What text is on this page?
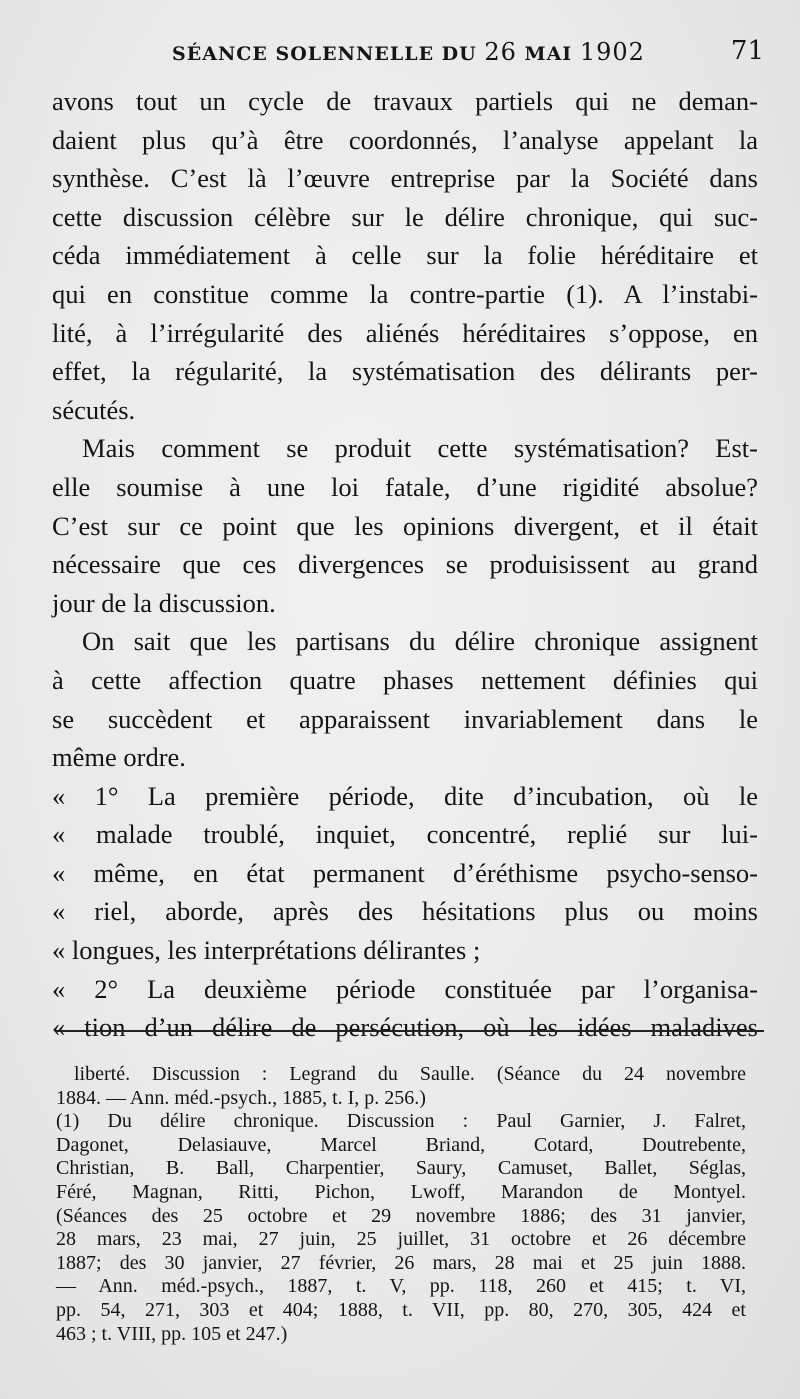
SÉANCE SOLENNELLE DU 26 MAI 1902	71
avons tout un cycle de travaux partiels qui ne deman-
daient plus qu’à être coordonnés, l’analyse appelant la
synthèse. C’est là l’œuvre entreprise par la Société dans
cette discussion célèbre sur le délire chronique, qui suc-
céda immédiatement à celle sur la folie héréditaire et
qui en constitue comme la contre-partie (1). A l’instabi-
lité, à l’irrégularité des aliénés héréditaires s’oppose, en
effet, la régularité, la systématisation des délirants per-
sécutés.
Mais comment se produit cette systématisation? Est-
elle soumise à une loi fatale, d’une rigidité absolue?
C’est sur ce point que les opinions divergent, et il était
nécessaire que ces divergences se produisissent au grand
jour de la discussion.
On sait que les partisans du délire chronique assignent
à cette affection quatre phases nettement définies qui
se succèdent et apparaissent invariablement dans le
même ordre.
« 1° La première période, dite d’incubation, où le
« malade troublé, inquiet, concentré, replié sur lui-
« même, en état permanent d’éréthisme psycho-senso-
« riel, aborde, après des hésitations plus ou moins
« longues, les interprétations délirantes ;
« 2° La deuxième période constituée par l’organisa-
« tion d’un délire de persécution, où les idées maladives
liberté. Discussion : Legrand du Saulle. (Séance du 24 novembre
1884. — Ann. méd.-psych., 1885, t. I, p. 256.)
(1) Du délire chronique. Discussion : Paul Garnier, J. Falret,
Dagonet, Delasiauve, Marcel Briand, Cotard, Doutrebente,
Christian, B. Ball, Charpentier, Saury, Camuset, Ballet, Séglas,
Féré, Magnan, Ritti, Pichon, Lwoff, Marandon de Montyel.
(Séances des 25 octobre et 29 novembre 1886; des 31 janvier,
28 mars, 23 mai, 27 juin, 25 juillet, 31 octobre et 26 décembre
1887; des 30 janvier, 27 février, 26 mars, 28 mai et 25 juin 1888.
— Ann. méd.-psych., 1887, t. V, pp. 118, 260 et 415; t. VI,
pp. 54, 271, 303 et 404; 1888, t. VII, pp. 80, 270, 305, 424 et
463 ; t. VIII, pp. 105 et 247.)
